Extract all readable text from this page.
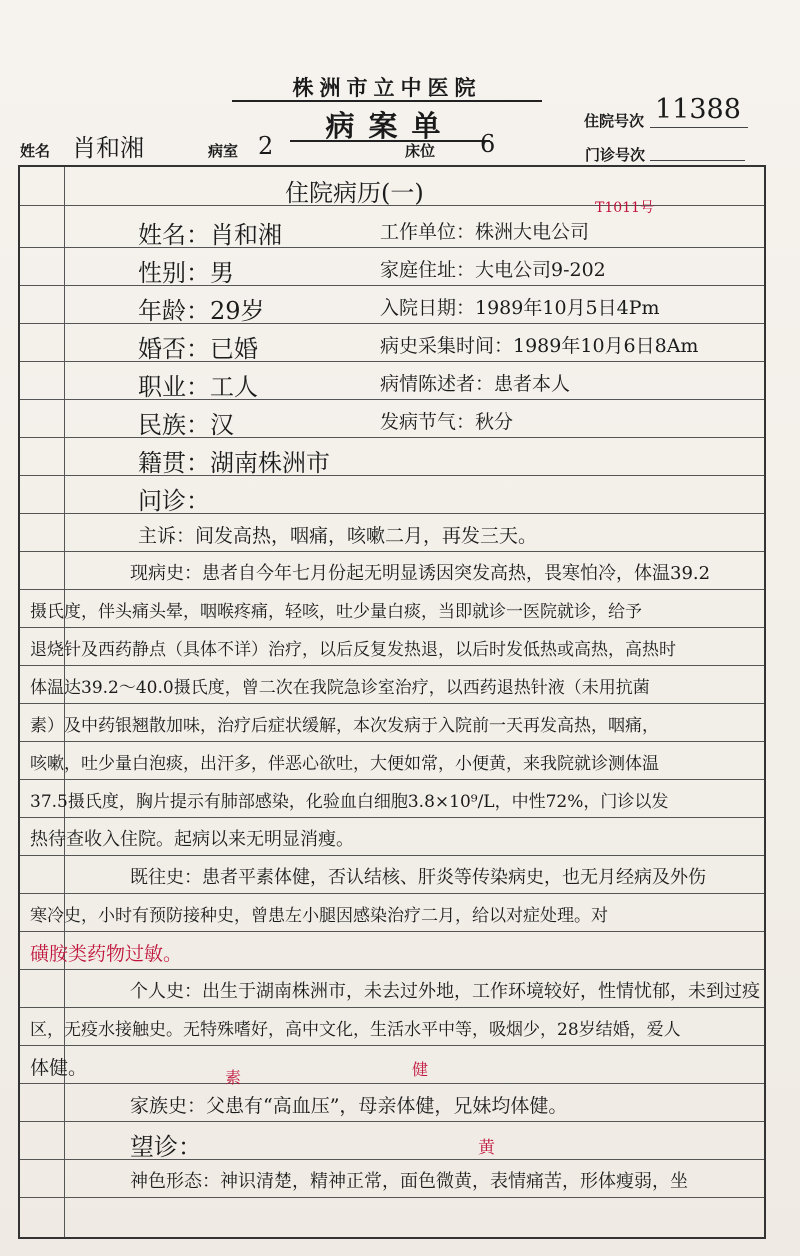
株洲市立中医院
病案单	住院号次 11388
姓名 肖和湘	病室 2	床位 6	门诊号次
住院病历(一)
姓名：肖和湘	工作单位：株洲大电公司
T1011号
性别：男	家庭住址：大电公司9-202
年龄：29岁	入院日期：1989年10月5日4Pm
婚否：已婚	病史采集时间：1989年10月6日8Am
职业：工人	病情陈述者：患者本人
民族：汉	发病节气：秋分
籍贯：湖南株洲市
问诊：
主诉：间发高热，咽痛，咳嗽二月，再发三天。
现病史：患者自今年七月份起无明显诱因突发高热，畏寒怕冷，体温39.2
摄氏度，伴头痛头晕，咽喉疼痛，轻咳，吐少量白痰，当即就诊一医院就诊，给予
退烧针及西药静点（具体不详）治疗，以后反复发热退，以后时发低热或高热，高热时
体温达39.2～40.0摄氏度，曾二次在我院急诊室治疗，以西药退热针液（未用抗菌
素）及中药银翘散加味，治疗后症状缓解，本次发病于入院前一天再发高热，咽痛，
咳嗽，吐少量白泡痰，出汗多，伴恶心欲吐，大便如常，小便黄，来我院就诊测体温
37.5摄氏度，胸片提示有肺部感染，化验血白细胞3.8×10⁹/L，中性72%，门诊以发
热待查收入住院。起病以来无明显消瘦。
既往史：患者平素体健，否认结核、肝炎等传染病史，也无月经病及外伤
寒冷史，小时有预防接种史，曾患左小腿因感染治疗二月，给以对症处理。对
磺胺类药物过敏。
个人史：出生于湖南株洲市，未去过外地，工作环境较好，性情忧郁，未到过疫
区，无疫水接触史。无特殊嗜好，高中文化，生活水平中等，吸烟少，28岁结婚，爱人
体健。
家族史：父患有“高血压”，母亲体健，兄妹均体健。
望诊：
神色形态：神识清楚，精神正常，面色微黄，表情痛苦，形体瘦弱，坐
素	健
黄
